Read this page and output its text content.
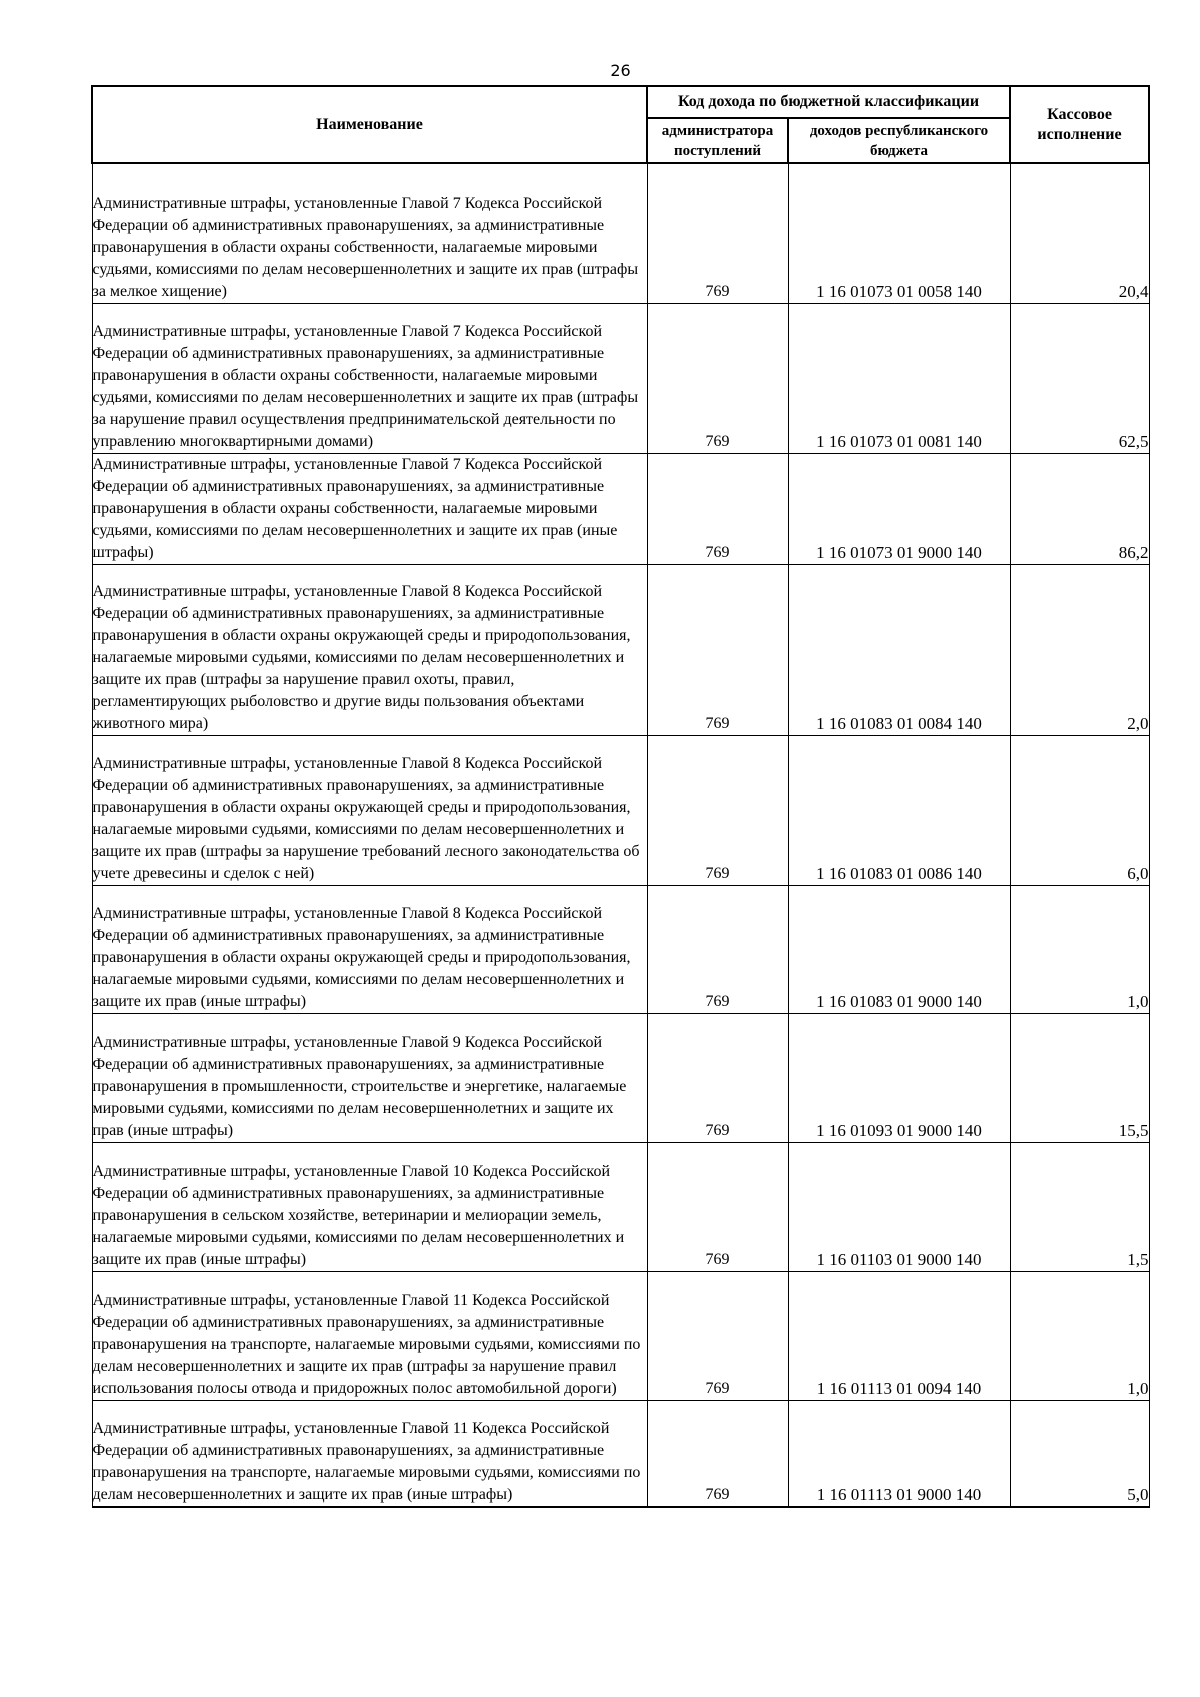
26
Наименование	Код дохода по бюджетной классификации		Кассовое исполнение
	администратора поступлений	доходов республиканского бюджета	
Административные штрафы, установленные Главой 7 Кодекса Российской Федерации об административных правонарушениях, за административные правонарушения в области охраны собственности, налагаемые мировыми судьями, комиссиями по делам несовершеннолетних и защите их прав (штрафы за мелкое хищение)	769	1 16 01073 01 0058 140	20,4
Административные штрафы, установленные Главой 7 Кодекса Российской Федерации об административных правонарушениях, за административные правонарушения в области охраны собственности, налагаемые мировыми судьями, комиссиями по делам несовершеннолетних и защите их прав (штрафы за нарушение правил осуществления предпринимательской деятельности по управлению многоквартирными домами)	769	1 16 01073 01 0081 140	62,5
Административные штрафы, установленные Главой 7 Кодекса Российской Федерации об административных правонарушениях, за административные правонарушения в области охраны собственности, налагаемые мировыми судьями, комиссиями по делам несовершеннолетних и защите их прав (иные штрафы)	769	1 16 01073 01 9000 140	86,2
Административные штрафы, установленные Главой 8 Кодекса Российской Федерации об административных правонарушениях, за административные правонарушения в области охраны окружающей среды и природопользования, налагаемые мировыми судьями, комиссиями по делам несовершеннолетних и защите их прав (штрафы за нарушение правил охоты, правил, регламентирующих рыболовство и другие виды пользования объектами животного мира)	769	1 16 01083 01 0084 140	2,0
Административные штрафы, установленные Главой 8 Кодекса Российской Федерации об административных правонарушениях, за административные правонарушения в области охраны окружающей среды и природопользования, налагаемые мировыми судьями, комиссиями по делам несовершеннолетних и защите их прав (штрафы за нарушение требований лесного законодательства об учете древесины и сделок с ней)	769	1 16 01083 01 0086 140	6,0
Административные штрафы, установленные Главой 8 Кодекса Российской Федерации об административных правонарушениях, за административные правонарушения в области охраны окружающей среды и природопользования, налагаемые мировыми судьями, комиссиями по делам несовершеннолетних и защите их прав (иные штрафы)	769	1 16 01083 01 9000 140	1,0
Административные штрафы, установленные Главой 9 Кодекса Российской Федерации об административных правонарушениях, за административные правонарушения в промышленности, строительстве и энергетике, налагаемые мировыми судьями, комиссиями по делам несовершеннолетних и защите их прав (иные штрафы)	769	1 16 01093 01 9000 140	15,5
Административные штрафы, установленные Главой 10 Кодекса Российской Федерации об административных правонарушениях, за административные правонарушения в сельском хозяйстве, ветеринарии и мелиорации земель, налагаемые мировыми судьями, комиссиями по делам несовершеннолетних и защите их прав (иные штрафы)	769	1 16 01103 01 9000 140	1,5
Административные штрафы, установленные Главой 11 Кодекса Российской Федерации об административных правонарушениях, за административные правонарушения на транспорте, налагаемые мировыми судьями, комиссиями по делам несовершеннолетних и защите их прав (штрафы за нарушение правил использования полосы отвода и придорожных полос автомобильной дороги)	769	1 16 01113 01 0094 140	1,0
Административные штрафы, установленные Главой 11 Кодекса Российской Федерации об административных правонарушениях, за административные правонарушения на транспорте, налагаемые мировыми судьями, комиссиями по делам несовершеннолетних и защите их прав (иные штрафы)	769	1 16 01113 01 9000 140	5,0
